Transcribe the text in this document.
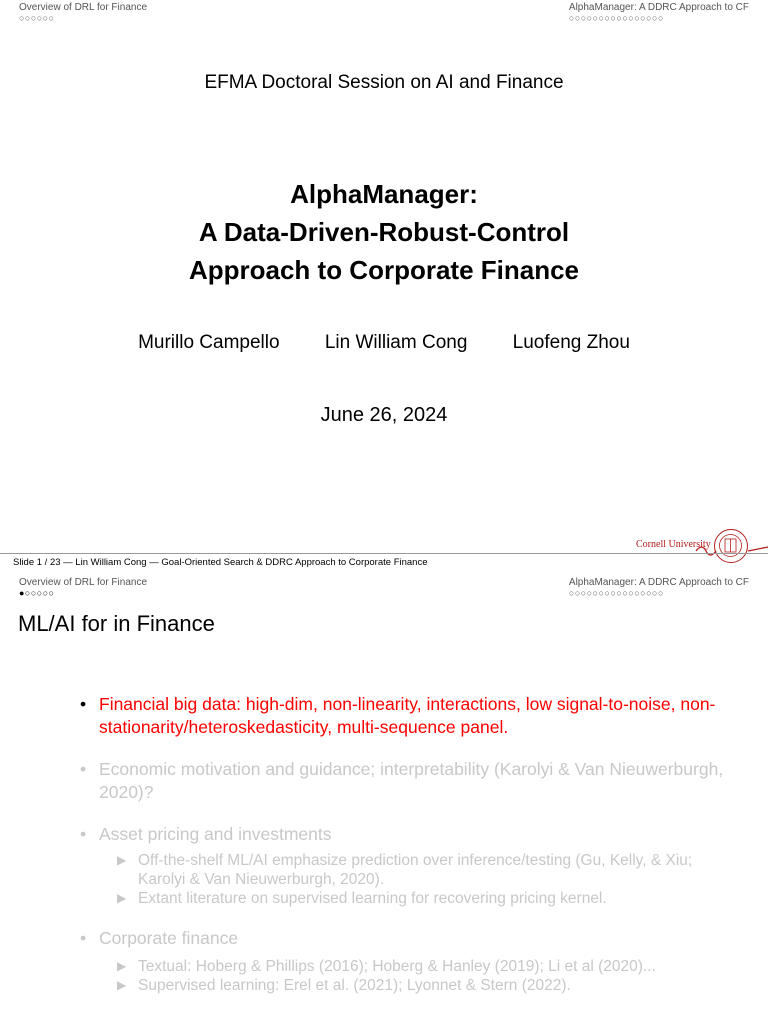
Overview of DRL for Finance
○○○○○○
AlphaManager: A DDRC Approach to CF
○○○○○○○○○○○○○○○○
EFMA Doctoral Session on AI and Finance
AlphaManager:
A Data-Driven-Robust-Control
Approach to Corporate Finance
Murillo Campello Lin William Cong Luofeng Zhou
June 26, 2024
Cornell University
Slide 1 / 23 — Lin William Cong — Goal-Oriented Search & DDRC Approach to Corporate Finance
Overview of DRL for Finance
●○○○○○
AlphaManager: A DDRC Approach to CF
○○○○○○○○○○○○○○○○
ML/AI for in Finance
• Financial big data: high-dim, non-linearity, interactions, low signal-to-noise, non-stationarity/heteroskedasticity, multi-sequence panel.
• Economic motivation and guidance; interpretability (Karolyi & Van Nieuwerburgh, 2020)?
• Asset pricing and investments
▶ Off-the-shelf ML/AI emphasize prediction over inference/testing (Gu, Kelly, & Xiu; Karolyi & Van Nieuwerburgh, 2020).
▶ Extant literature on supervised learning for recovering pricing kernel.
• Corporate finance
▶ Textual: Hoberg & Phillips (2016); Hoberg & Hanley (2019); Li et al (2020)...
▶ Supervised learning: Erel et al. (2021); Lyonnet & Stern (2022).
